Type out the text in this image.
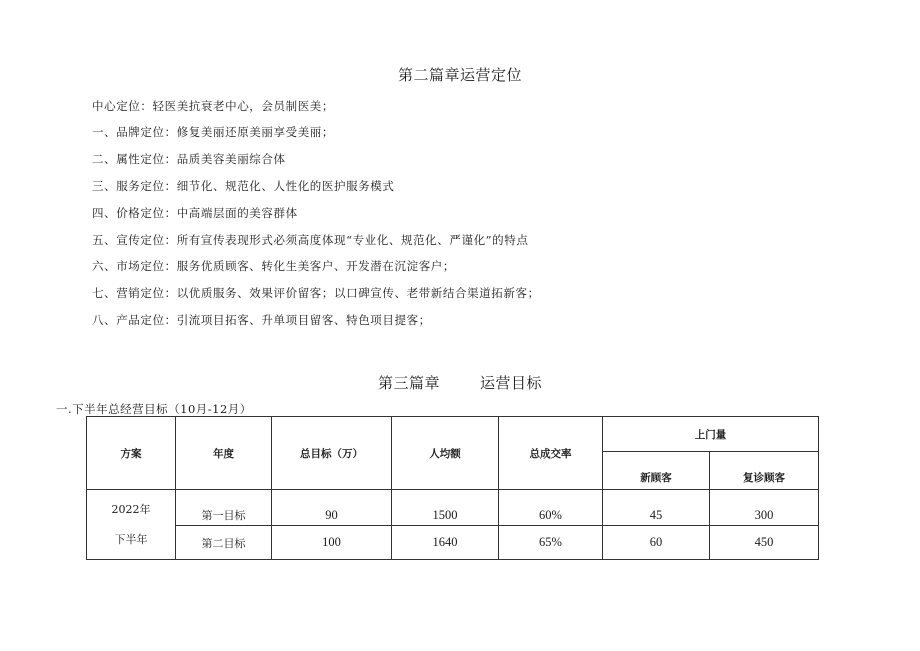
第二篇章运营定位
中心定位：轻医美抗衰老中心，会员制医美；
一、品牌定位：修复美丽还原美丽享受美丽；
二、属性定位：品质美容美丽综合体
三、服务定位：细节化、规范化、人性化的医护服务模式
四、价格定位：中高端层面的美容群体
五、宣传定位：所有宣传表现形式必须高度体现“专业化、规范化、严谨化”的特点
六、市场定位：服务优质顾客、转化生美客户、开发潜在沉淀客户；
七、营销定位：以优质服务、效果评价留客；以口碑宣传、老带新结合渠道拓新客；
八、产品定位：引流项目拓客、升单项目留客、特色项目提客；
第三篇章	运营目标
一.下半年总经营目标（10月-12月）
方案	年度	总目标（万）	人均额	总成交率	上门量	
					新顾客	复诊顾客

2022年
下半年	第一目标	90	1500	60%	45	300
	第二目标	100	1640	65%	60	450
